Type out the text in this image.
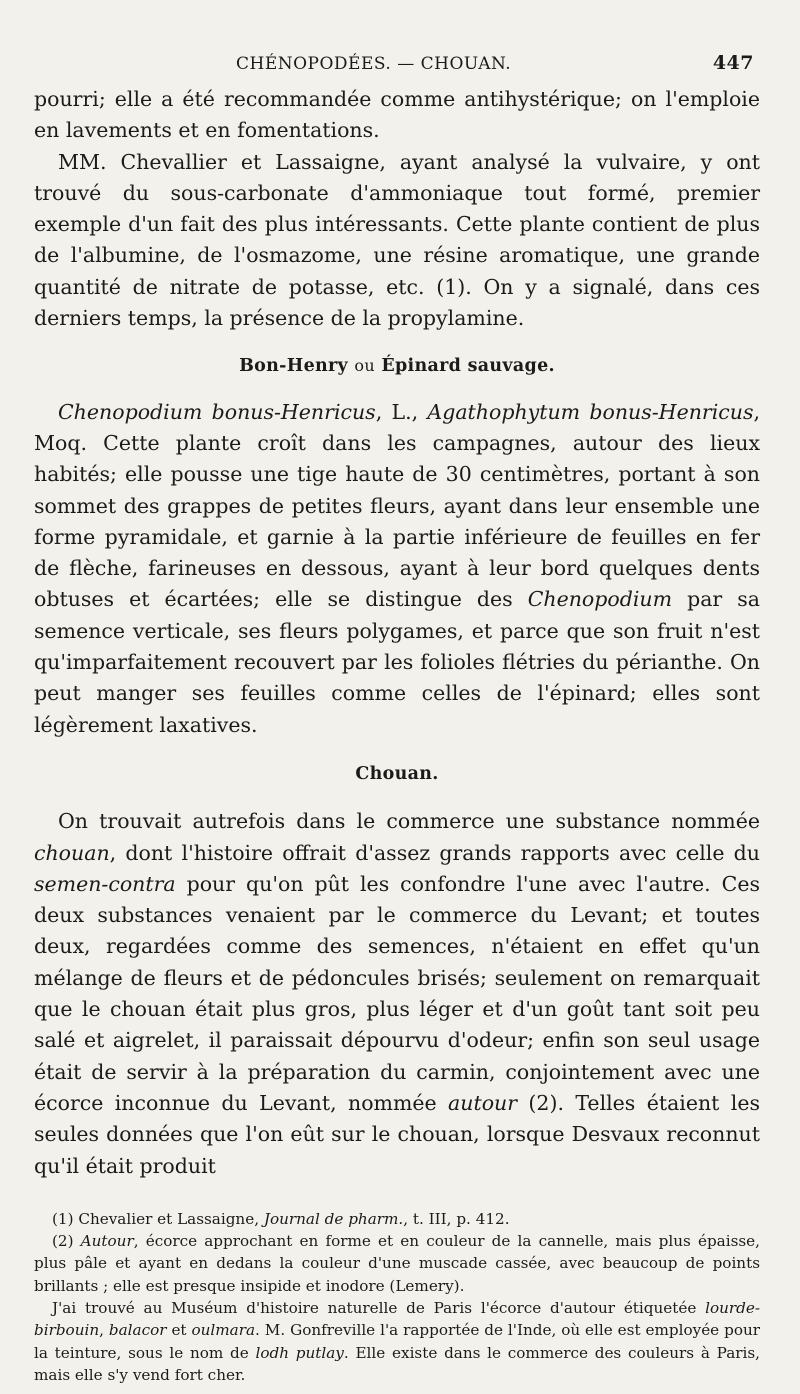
CHÉNOPODÉES. — CHOUAN.	447

pourri; elle a été recommandée comme antihystérique; on l'emploie en lavements et en fomentations.

MM. Chevallier et Lassaigne, ayant analysé la vulvaire, y ont trouvé du sous-carbonate d'ammoniaque tout formé, premier exemple d'un fait des plus intéressants. Cette plante contient de plus de l'albumine, de l'osmazome, une résine aromatique, une grande quantité de nitrate de potasse, etc. (1). On y a signalé, dans ces derniers temps, la présence de la propylamine.

Bon-Henry ou Épinard sauvage.

Chenopodium bonus-Henricus, L., Agathophytum bonus-Henricus, Moq. Cette plante croît dans les campagnes, autour des lieux habités; elle pousse une tige haute de 30 centimètres, portant à son sommet des grappes de petites fleurs, ayant dans leur ensemble une forme pyramidale, et garnie à la partie inférieure de feuilles en fer de flèche, farineuses en dessous, ayant à leur bord quelques dents obtuses et écartées; elle se distingue des Chenopodium par sa semence verticale, ses fleurs polygames, et parce que son fruit n'est qu'imparfaitement recouvert par les folioles flétries du périanthe. On peut manger ses feuilles comme celles de l'épinard; elles sont légèrement laxatives.

Chouan.

On trouvait autrefois dans le commerce une substance nommée chouan, dont l'histoire offrait d'assez grands rapports avec celle du semen-contra pour qu'on pût les confondre l'une avec l'autre. Ces deux substances venaient par le commerce du Levant; et toutes deux, regardées comme des semences, n'étaient en effet qu'un mélange de fleurs et de pédoncules brisés; seulement on remarquait que le chouan était plus gros, plus léger et d'un goût tant soit peu salé et aigrelet, il paraissait dépourvu d'odeur; enfin son seul usage était de servir à la préparation du carmin, conjointement avec une écorce inconnue du Levant, nommée autour (2). Telles étaient les seules données que l'on eût sur le chouan, lorsque Desvaux reconnut qu'il était produit

(1) Chevalier et Lassaigne, Journal de pharm., t. III, p. 412.

(2) Autour, écorce approchant en forme et en couleur de la cannelle, mais plus épaisse, plus pâle et ayant en dedans la couleur d'une muscade cassée, avec beaucoup de points brillants ; elle est presque insipide et inodore (Lemery).

J'ai trouvé au Muséum d'histoire naturelle de Paris l'écorce d'autour étiquetée lourde-birbouin, balacor et oulmara. M. Gonfreville l'a rapportée de l'Inde, où elle est employée pour la teinture, sous le nom de lodh putlay. Elle existe dans le commerce des couleurs à Paris, mais elle s'y vend fort cher.
